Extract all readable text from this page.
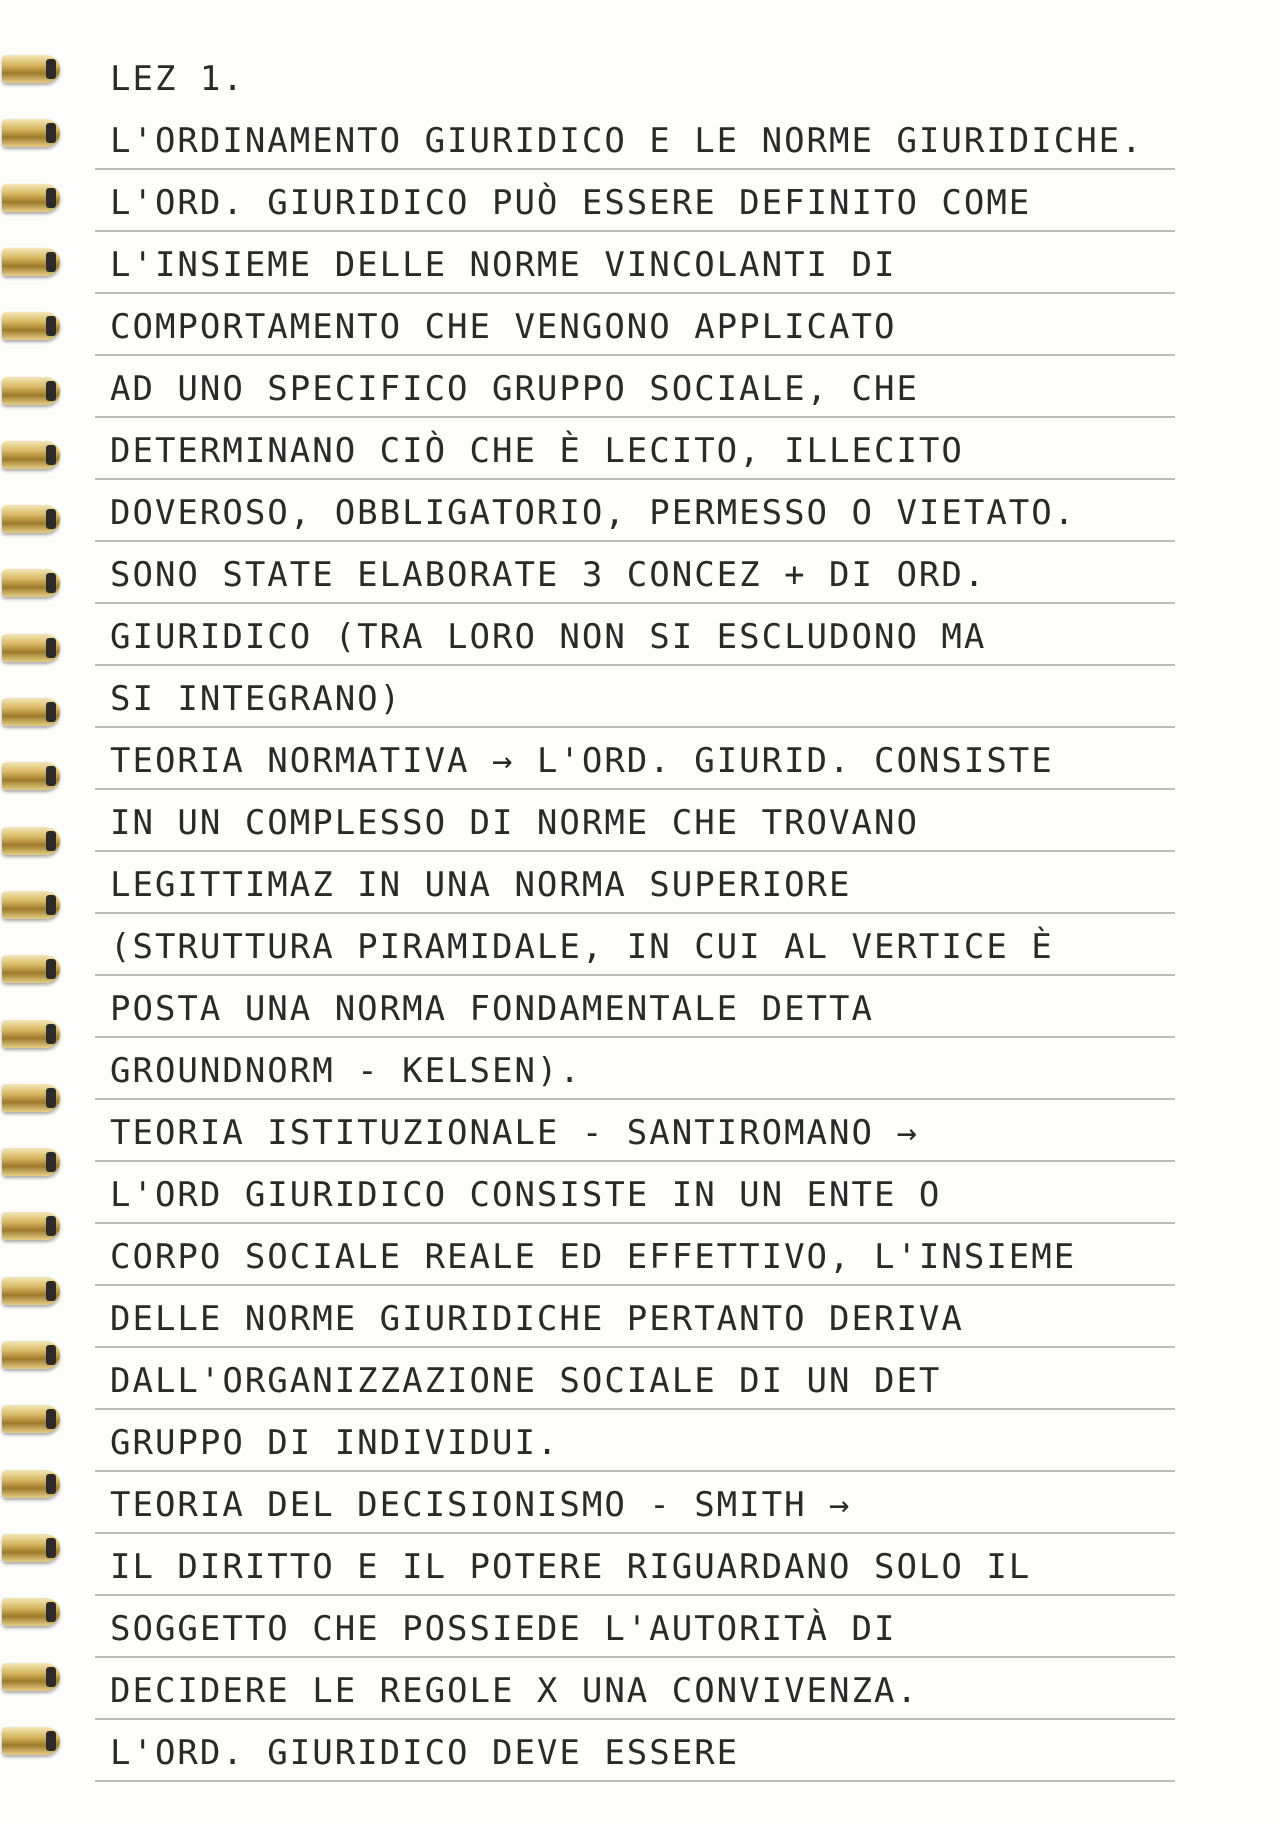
LEZ 1.
L'ORDINAMENTO GIURIDICO E LE NORME GIURIDICHE.
L'ORD. GIURIDICO PUÒ ESSERE DEFINITO COME
L'INSIEME DELLE NORME VINCOLANTI DI
COMPORTAMENTO CHE VENGONO APPLICATO
AD UNO SPECIFICO GRUPPO SOCIALE, CHE
DETERMINANO CIÒ CHE È LECITO, ILLECITO
DOVEROSO, OBBLIGATORIO, PERMESSO O VIETATO.
SONO STATE ELABORATE 3 CONCEZ + DI ORD.
GIURIDICO (TRA LORO NON SI ESCLUDONO MA
SI INTEGRANO)
TEORIA NORMATIVA → L'ORD. GIURID. CONSISTE
IN UN COMPLESSO DI NORME CHE TROVANO
LEGITTIMAZ IN UNA NORMA SUPERIORE
(STRUTTURA PIRAMIDALE, IN CUI AL VERTICE È
POSTA UNA NORMA FONDAMENTALE DETTA
GROUNDNORM - KELSEN).
TEORIA ISTITUZIONALE - SANTIROMANO →
L'ORD GIURIDICO CONSISTE IN UN ENTE O
CORPO SOCIALE REALE ED EFFETTIVO, L'INSIEME
DELLE NORME GIURIDICHE PERTANTO DERIVA
DALL'ORGANIZZAZIONE SOCIALE DI UN DET
GRUPPO DI INDIVIDUI.
TEORIA DEL DECISIONISMO - SMITH →
IL DIRITTO E IL POTERE RIGUARDANO SOLO IL
SOGGETTO CHE POSSIEDE L'AUTORITÀ DI
DECIDERE LE REGOLE X UNA CONVIVENZA.
L'ORD. GIURIDICO DEVE ESSERE
